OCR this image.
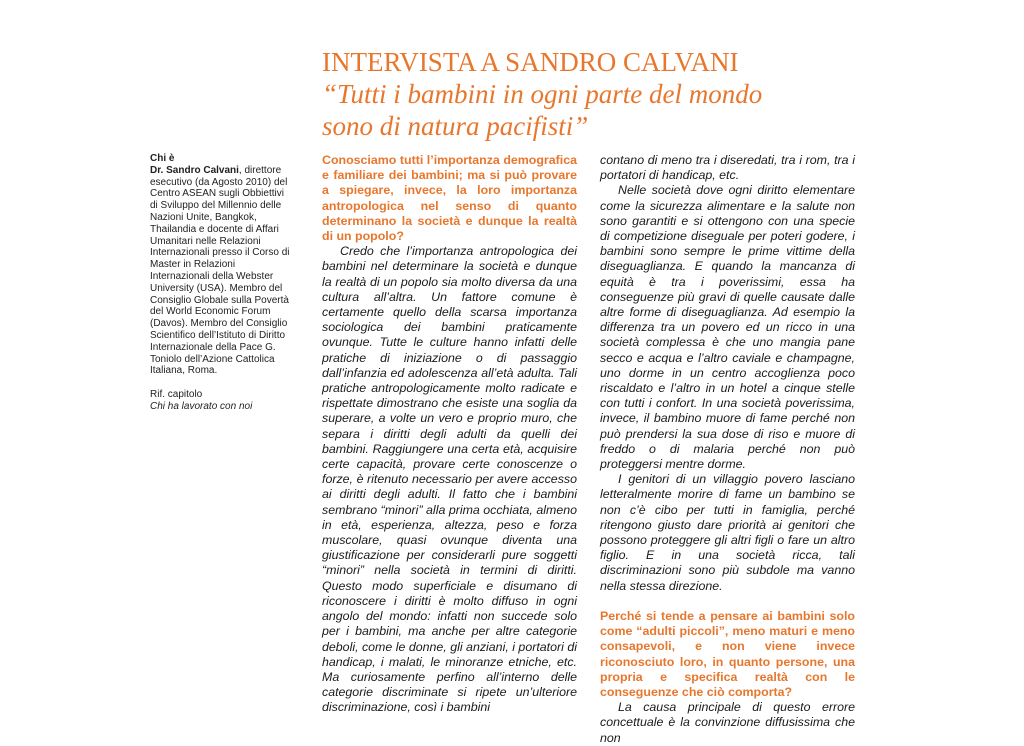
INTERVISTA A SANDRO CALVANI
“Tutti i bambini in ogni parte del mondo
sono di natura pacifisti”
Chi è
Dr. Sandro Calvani, direttore esecutivo (da Agosto 2010) del Centro ASEAN sugli Obbiettivi di Sviluppo del Millennio delle Nazioni Unite, Bangkok, Thailandia e docente di Affari Umanitari nelle Relazioni Internazionali presso il Corso di Master in Relazioni Internazionali della Webster University (USA). Membro del Consiglio Globale sulla Povertà del World Economic Forum (Davos). Membro del Consiglio Scientifico dell’Istituto di Diritto Internazionale della Pace G. Toniolo dell’Azione Cattolica Italiana, Roma.
Rif. capitolo
Chi ha lavorato con noi

Conosciamo tutti l’importanza demografica e familiare dei bambini; ma si può provare a spiegare, invece, la loro importanza antropologica nel senso di quanto determinano la società e dunque la realtà di un popolo?

Credo che l’importanza antropologica dei bambini nel determinare la società e dunque la realtà di un popolo sia molto diversa da una cultura all’altra. Un fattore comune è certamente quello della scarsa importanza sociologica dei bambini praticamente ovunque. Tutte le culture hanno infatti delle pratiche di iniziazione o di passaggio dall’infanzia ed adolescenza all’età adulta. Tali pratiche antropologicamente molto radicate e rispettate dimostrano che esiste una soglia da superare, a volte un vero e proprio muro, che separa i diritti degli adulti da quelli dei bambini. Raggiungere una certa età, acquisire certe capacità, provare certe conoscenze o forze, è ritenuto necessario per avere accesso ai diritti degli adulti. Il fatto che i bambini sembrano “minori” alla prima occhiata, almeno in età, esperienza, altezza, peso e forza muscolare, quasi ovunque diventa una giustificazione per considerarli pure soggetti “minori” nella società in termini di diritti. Questo modo superficiale e disumano di riconoscere i diritti è molto diffuso in ogni angolo del mondo: infatti non succede solo per i bambini, ma anche per altre categorie deboli, come le donne, gli anziani, i portatori di handicap, i malati, le minoranze etniche, etc. Ma curiosamente perfino all’interno delle categorie discriminate si ripete un’ulteriore discriminazione, così i bambini

contano di meno tra i diseredati, tra i rom, tra i portatori di handicap, etc.

Nelle società dove ogni diritto elementare come la sicurezza alimentare e la salute non sono garantiti e si ottengono con una specie di competizione diseguale per poteri godere, i bambini sono sempre le prime vittime della diseguaglianza. E quando la mancanza di equità è tra i poverissimi, essa ha conseguenze più gravi di quelle causate dalle altre forme di diseguaglianza. Ad esempio la differenza tra un povero ed un ricco in una società complessa è che uno mangia pane secco e acqua e l’altro caviale e champagne, uno dorme in un centro accoglienza poco riscaldato e l’altro in un hotel a cinque stelle con tutti i confort. In una società poverissima, invece, il bambino muore di fame perché non può prendersi la sua dose di riso e muore di freddo o di malaria perché non può proteggersi mentre dorme.

I genitori di un villaggio povero lasciano letteralmente morire di fame un bambino se non c’è cibo per tutti in famiglia, perché ritengono giusto dare priorità ai genitori che possono proteggere gli altri figli o fare un altro figlio. E in una società ricca, tali discriminazioni sono più subdole ma vanno nella stessa direzione.

Perché si tende a pensare ai bambini solo come “adulti piccoli”, meno maturi e meno consapevoli, e non viene invece riconosciuto loro, in quanto persone, una propria e specifica realtà con le conseguenze che ciò comporta?

La causa principale di questo errore concettuale è la convinzione diffusissima che non
